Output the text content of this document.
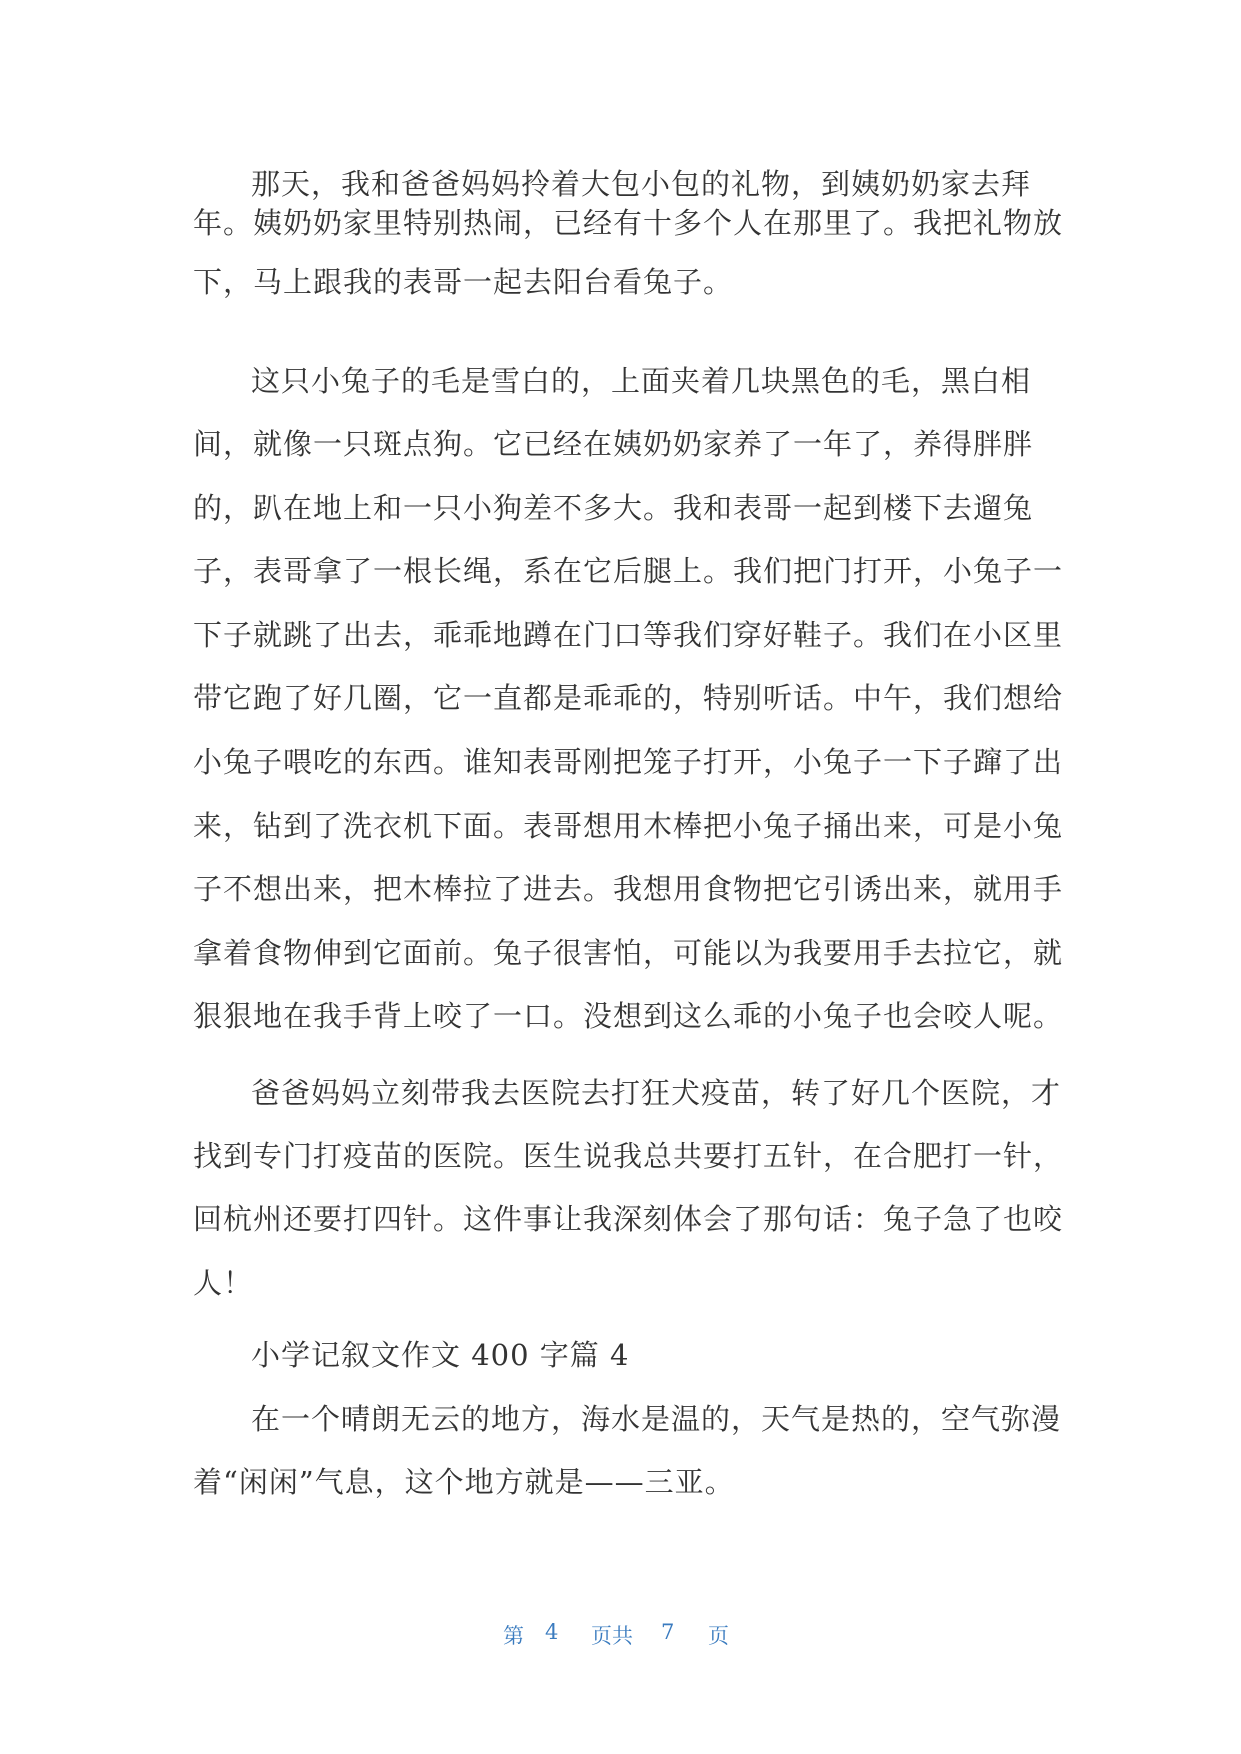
那天，我和爸爸妈妈拎着大包小包的礼物，到姨奶奶家去拜
年。姨奶奶家里特别热闹，已经有十多个人在那里了。我把礼物放
下，马上跟我的表哥一起去阳台看兔子。
这只小兔子的毛是雪白的，上面夹着几块黑色的毛，黑白相
间，就像一只斑点狗。它已经在姨奶奶家养了一年了，养得胖胖
的，趴在地上和一只小狗差不多大。我和表哥一起到楼下去遛兔
子，表哥拿了一根长绳，系在它后腿上。我们把门打开，小兔子一
下子就跳了出去，乖乖地蹲在门口等我们穿好鞋子。我们在小区里
带它跑了好几圈，它一直都是乖乖的，特别听话。中午，我们想给
小兔子喂吃的东西。谁知表哥刚把笼子打开，小兔子一下子蹿了出
来，钻到了洗衣机下面。表哥想用木棒把小兔子捅出来，可是小兔
子不想出来，把木棒拉了进去。我想用食物把它引诱出来，就用手
拿着食物伸到它面前。兔子很害怕，可能以为我要用手去拉它，就
狠狠地在我手背上咬了一口。没想到这么乖的小兔子也会咬人呢。
爸爸妈妈立刻带我去医院去打狂犬疫苗，转了好几个医院，才
找到专门打疫苗的医院。医生说我总共要打五针，在合肥打一针，
回杭州还要打四针。这件事让我深刻体会了那句话：兔子急了也咬
人！
小学记叙文作文 400 字篇 4
在一个晴朗无云的地方，海水是温的，天气是热的，空气弥漫
着“闲闲”气息，这个地方就是——三亚。
第 4 页共 7 页
